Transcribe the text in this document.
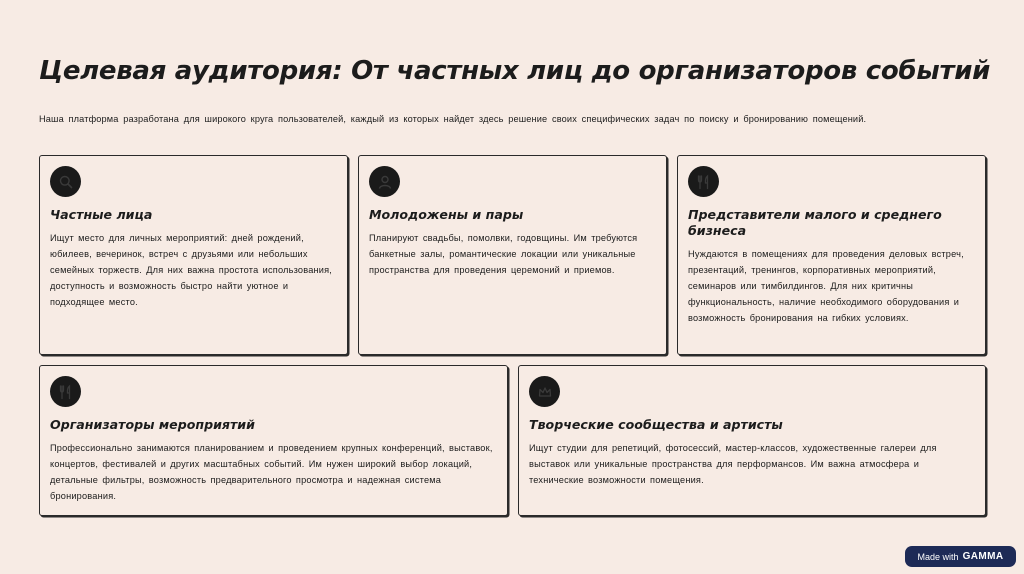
Целевая аудитория: От частных лиц до организаторов событий

Наша платформа разработана для широкого круга пользователей, каждый из которых найдет здесь решение своих специфических задач по поиску и бронированию помещений.

Частные лица

Ищут место для личных мероприятий: дней рождений, юбилеев, вечеринок, встреч с друзьями или небольших семейных торжеств. Для них важна простота использования, доступность и возможность быстро найти уютное и подходящее место.

Молодожены и пары

Планируют свадьбы, помолвки, годовщины. Им требуются банкетные залы, романтические локации или уникальные пространства для проведения церемоний и приемов.

Представители малого и среднего бизнеса

Нуждаются в помещениях для проведения деловых встреч, презентаций, тренингов, корпоративных мероприятий, семинаров или тимбилдингов. Для них критичны функциональность, наличие необходимого оборудования и возможность бронирования на гибких условиях.

Организаторы мероприятий

Профессионально занимаются планированием и проведением крупных конференций, выставок, концертов, фестивалей и других масштабных событий. Им нужен широкий выбор локаций, детальные фильтры, возможность предварительного просмотра и надежная система бронирования.

Творческие сообщества и артисты

Ищут студии для репетиций, фотосессий, мастер-классов, художественные галереи для выставок или уникальные пространства для перформансов. Им важна атмосфера и технические возможности помещения.

Made with GAMMA
